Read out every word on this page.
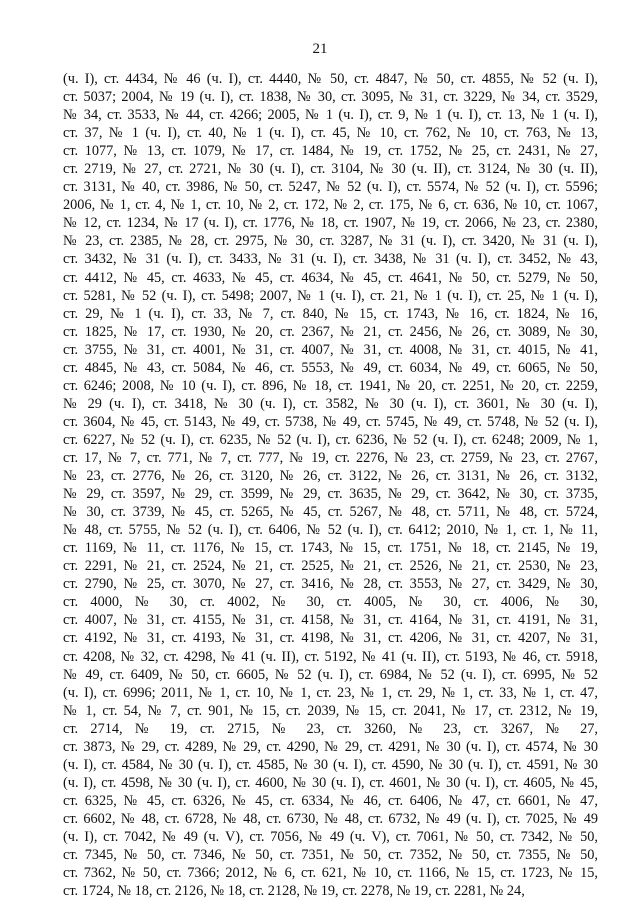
21
(ч. I), ст. 4434, № 46 (ч. I), ст. 4440, № 50, ст. 4847, № 50, ст. 4855, № 52 (ч. I),
ст. 5037; 2004, № 19 (ч. I), ст. 1838, № 30, ст. 3095, № 31, ст. 3229, № 34, ст. 3529,
№ 34, ст. 3533, № 44, ст. 4266; 2005, № 1 (ч. I), ст. 9, № 1 (ч. I), ст. 13, № 1 (ч. I),
ст. 37, № 1 (ч. I), ст. 40, № 1 (ч. I), ст. 45, № 10, ст. 762, № 10, ст. 763, № 13,
ст. 1077, № 13, ст. 1079, № 17, ст. 1484, № 19, ст. 1752, № 25, ст. 2431, № 27,
ст. 2719, № 27, ст. 2721, № 30 (ч. I), ст. 3104, № 30 (ч. II), ст. 3124, № 30 (ч. II),
ст. 3131, № 40, ст. 3986, № 50, ст. 5247, № 52 (ч. I), ст. 5574, № 52 (ч. I), ст. 5596;
2006, № 1, ст. 4, № 1, ст. 10, № 2, ст. 172, № 2, ст. 175, № 6, ст. 636, № 10, ст. 1067,
№ 12, ст. 1234, № 17 (ч. I), ст. 1776, № 18, ст. 1907, № 19, ст. 2066, № 23, ст. 2380,
№ 23, ст. 2385, № 28, ст. 2975, № 30, ст. 3287, № 31 (ч. I), ст. 3420, № 31 (ч. I),
ст. 3432, № 31 (ч. I), ст. 3433, № 31 (ч. I), ст. 3438, № 31 (ч. I), ст. 3452, № 43,
ст. 4412, № 45, ст. 4633, № 45, ст. 4634, № 45, ст. 4641, № 50, ст. 5279, № 50,
ст. 5281, № 52 (ч. I), ст. 5498; 2007, № 1 (ч. I), ст. 21, № 1 (ч. I), ст. 25, № 1 (ч. I),
ст. 29, № 1 (ч. I), ст. 33, № 7, ст. 840, № 15, ст. 1743, № 16, ст. 1824, № 16,
ст. 1825, № 17, ст. 1930, № 20, ст. 2367, № 21, ст. 2456, № 26, ст. 3089, № 30,
ст. 3755, № 31, ст. 4001, № 31, ст. 4007, № 31, ст. 4008, № 31, ст. 4015, № 41,
ст. 4845, № 43, ст. 5084, № 46, ст. 5553, № 49, ст. 6034, № 49, ст. 6065, № 50,
ст. 6246; 2008, № 10 (ч. I), ст. 896, № 18, ст. 1941, № 20, ст. 2251, № 20, ст. 2259,
№ 29 (ч. I), ст. 3418, № 30 (ч. I), ст. 3582, № 30 (ч. I), ст. 3601, № 30 (ч. I),
ст. 3604, № 45, ст. 5143, № 49, ст. 5738, № 49, ст. 5745, № 49, ст. 5748, № 52 (ч. I),
ст. 6227, № 52 (ч. I), ст. 6235, № 52 (ч. I), ст. 6236, № 52 (ч. I), ст. 6248; 2009, № 1,
ст. 17, № 7, ст. 771, № 7, ст. 777, № 19, ст. 2276, № 23, ст. 2759, № 23, ст. 2767,
№ 23, ст. 2776, № 26, ст. 3120, № 26, ст. 3122, № 26, ст. 3131, № 26, ст. 3132,
№ 29, ст. 3597, № 29, ст. 3599, № 29, ст. 3635, № 29, ст. 3642, № 30, ст. 3735,
№ 30, ст. 3739, № 45, ст. 5265, № 45, ст. 5267, № 48, ст. 5711, № 48, ст. 5724,
№ 48, ст. 5755, № 52 (ч. I), ст. 6406, № 52 (ч. I), ст. 6412; 2010, № 1, ст. 1, № 11,
ст. 1169, № 11, ст. 1176, № 15, ст. 1743, № 15, ст. 1751, № 18, ст. 2145, № 19,
ст. 2291, № 21, ст. 2524, № 21, ст. 2525, № 21, ст. 2526, № 21, ст. 2530, № 23,
ст. 2790, № 25, ст. 3070, № 27, ст. 3416, № 28, ст. 3553, № 27, ст. 3429, № 30,
ст. 4000, № 30, ст. 4002, № 30, ст. 4005, № 30, ст. 4006, № 30,
ст. 4007, № 31, ст. 4155, № 31, ст. 4158, № 31, ст. 4164, № 31, ст. 4191, № 31,
ст. 4192, № 31, ст. 4193, № 31, ст. 4198, № 31, ст. 4206, № 31, ст. 4207, № 31,
ст. 4208, № 32, ст. 4298, № 41 (ч. II), ст. 5192, № 41 (ч. II), ст. 5193, № 46, ст. 5918,
№ 49, ст. 6409, № 50, ст. 6605, № 52 (ч. I), ст. 6984, № 52 (ч. I), ст. 6995, № 52
(ч. I), ст. 6996; 2011, № 1, ст. 10, № 1, ст. 23, № 1, ст. 29, № 1, ст. 33, № 1, ст. 47,
№ 1, ст. 54, № 7, ст. 901, № 15, ст. 2039, № 15, ст. 2041, № 17, ст. 2312, № 19,
ст. 2714, № 19, ст. 2715, № 23, ст. 3260, № 23, ст. 3267, № 27,
ст. 3873, № 29, ст. 4289, № 29, ст. 4290, № 29, ст. 4291, № 30 (ч. I), ст. 4574, № 30
(ч. I), ст. 4584, № 30 (ч. I), ст. 4585, № 30 (ч. I), ст. 4590, № 30 (ч. I), ст. 4591, № 30
(ч. I), ст. 4598, № 30 (ч. I), ст. 4600, № 30 (ч. I), ст. 4601, № 30 (ч. I), ст. 4605, № 45,
ст. 6325, № 45, ст. 6326, № 45, ст. 6334, № 46, ст. 6406, № 47, ст. 6601, № 47,
ст. 6602, № 48, ст. 6728, № 48, ст. 6730, № 48, ст. 6732, № 49 (ч. I), ст. 7025, № 49
(ч. I), ст. 7042, № 49 (ч. V), ст. 7056, № 49 (ч. V), ст. 7061, № 50, ст. 7342, № 50,
ст. 7345, № 50, ст. 7346, № 50, ст. 7351, № 50, ст. 7352, № 50, ст. 7355, № 50,
ст. 7362, № 50, ст. 7366; 2012, № 6, ст. 621, № 10, ст. 1166, № 15, ст. 1723, № 15,
ст. 1724, № 18, ст. 2126, № 18, ст. 2128, № 19, ст. 2278, № 19, ст. 2281, № 24,
